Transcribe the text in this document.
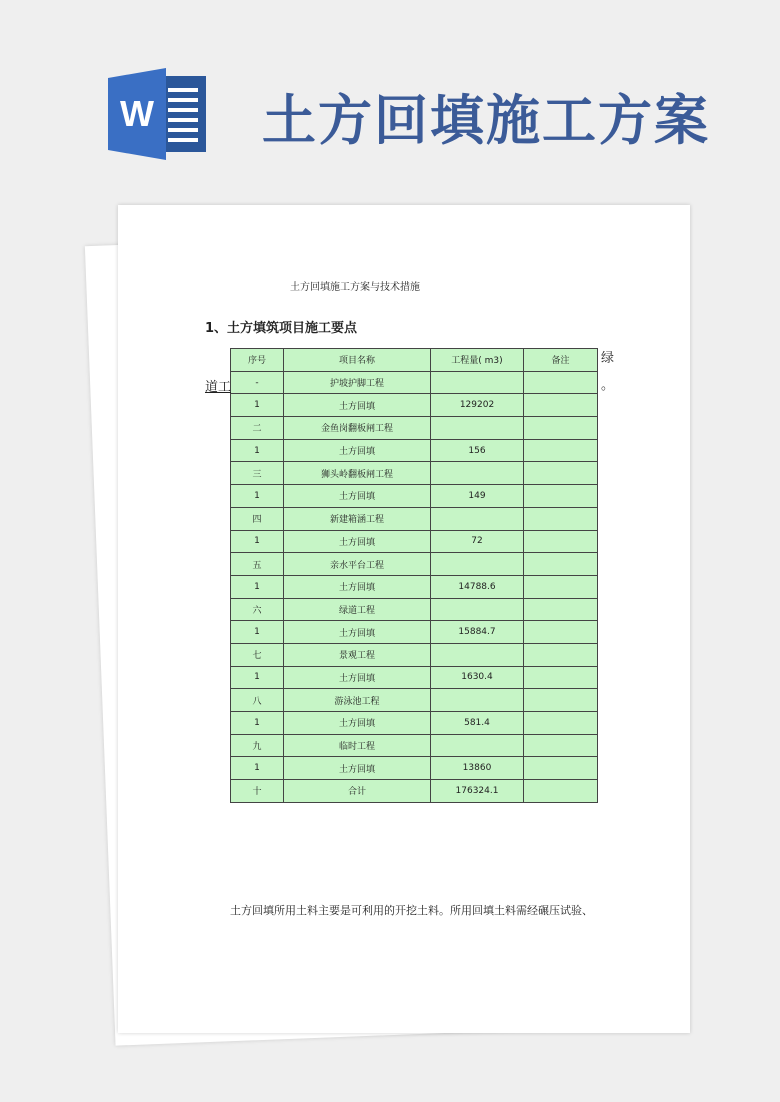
W 土方回填施工方案
土方回填施工方案与技术措施
1、土方填筑项目施工要点
绿
道工	。
序号	项目名称	工程量( m3)	备注
-	护坡护脚工程		
1	土方回填	129202	
二	金鱼岗翻板闸工程		
1	土方回填	156	
三	狮头岭翻板闸工程		
1	土方回填	149	
四	新建箱涵工程		
1	土方回填	72	
五	亲水平台工程		
1	土方回填	14788.6	
六	绿道工程		
1	土方回填	15884.7	
七	景观工程		
1	土方回填	1630.4	
八	游泳池工程		
1	土方回填	581.4	
九	临时工程		
1	土方回填	13860	
十	合计	176324.1	
土方回填所用土料主要是可利用的开挖土料。所用回填土料需经碾压试验、
